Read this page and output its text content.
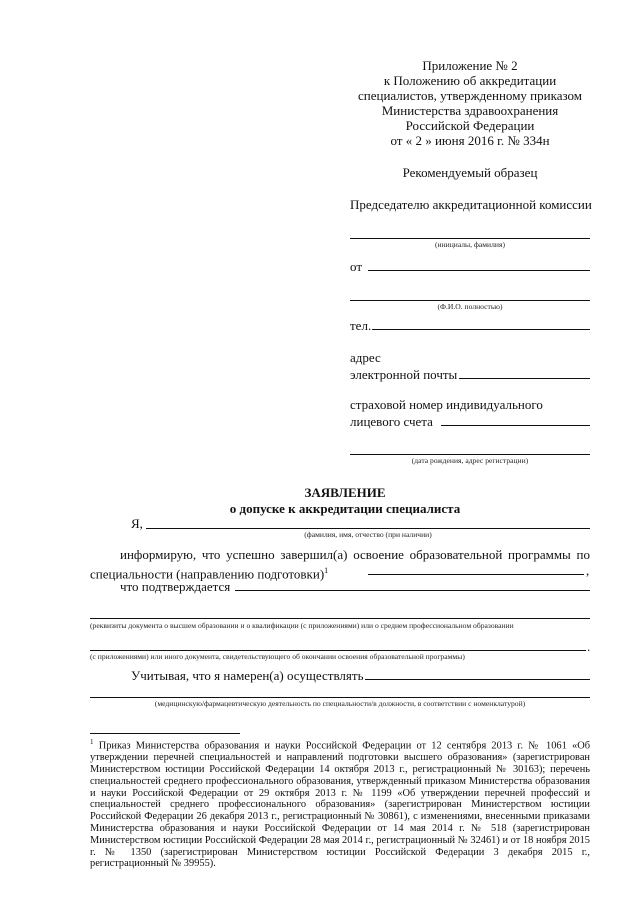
Приложение № 2
к Положению об аккредитации
специалистов, утвержденному приказом
Министерства здравоохранения
Российской Федерации
от « 2 » июня 2016 г. № 334н
Рекомендуемый образец
Председателю аккредитационной комиссии
(инициалы, фамилия)
от
(Ф.И.О. полностью)
тел.
адрес
электронной почты
страховой номер индивидуального
лицевого счета
(дата рождения, адрес регистрации)
ЗАЯВЛЕНИЕ
о допуске к аккредитации специалиста
Я,
(фамилия, имя, отчество (при наличии)
информирую, что успешно завершил(а) освоение образовательной программы по
специальности (направлению подготовки)$^1$	,
что подтверждается
(реквизиты документа о высшем образовании и о квалификации (с приложениями) или о среднем профессиональном образовании
.
(с приложениями) или иного документа, свидетельствующего об окончании освоения образовательной программы)
Учитывая, что я намерен(а) осуществлять
(медицинскую/фармацевтическую деятельность по специальности/в должности, в соответствии с номенклатурой)
$^1$ Приказ Министерства образования и науки Российской Федерации от 12 сентября 2013 г. № 1061 «Об утверждении перечней специальностей и направлений подготовки высшего образования» (зарегистрирован Министерством юстиции Российской Федерации 14 октября 2013 г., регистрационный № 30163); перечень специальностей среднего профессионального образования, утвержденный приказом Министерства образования и науки Российской Федерации от 29 октября 2013 г. № 1199 «Об утверждении перечней профессий и специальностей среднего профессионального образования» (зарегистрирован Министерством юстиции Российской Федерации 26 декабря 2013 г., регистрационный № 30861), с изменениями, внесенными приказами Министерства образования и науки Российской Федерации от 14 мая 2014 г. № 518 (зарегистрирован Министерством юстиции Российской Федерации 28 мая 2014 г., регистрационный № 32461) и от 18 ноября 2015 г. № 1350 (зарегистрирован Министерством юстиции Российской Федерации 3 декабря 2015 г., регистрационный № 39955).
